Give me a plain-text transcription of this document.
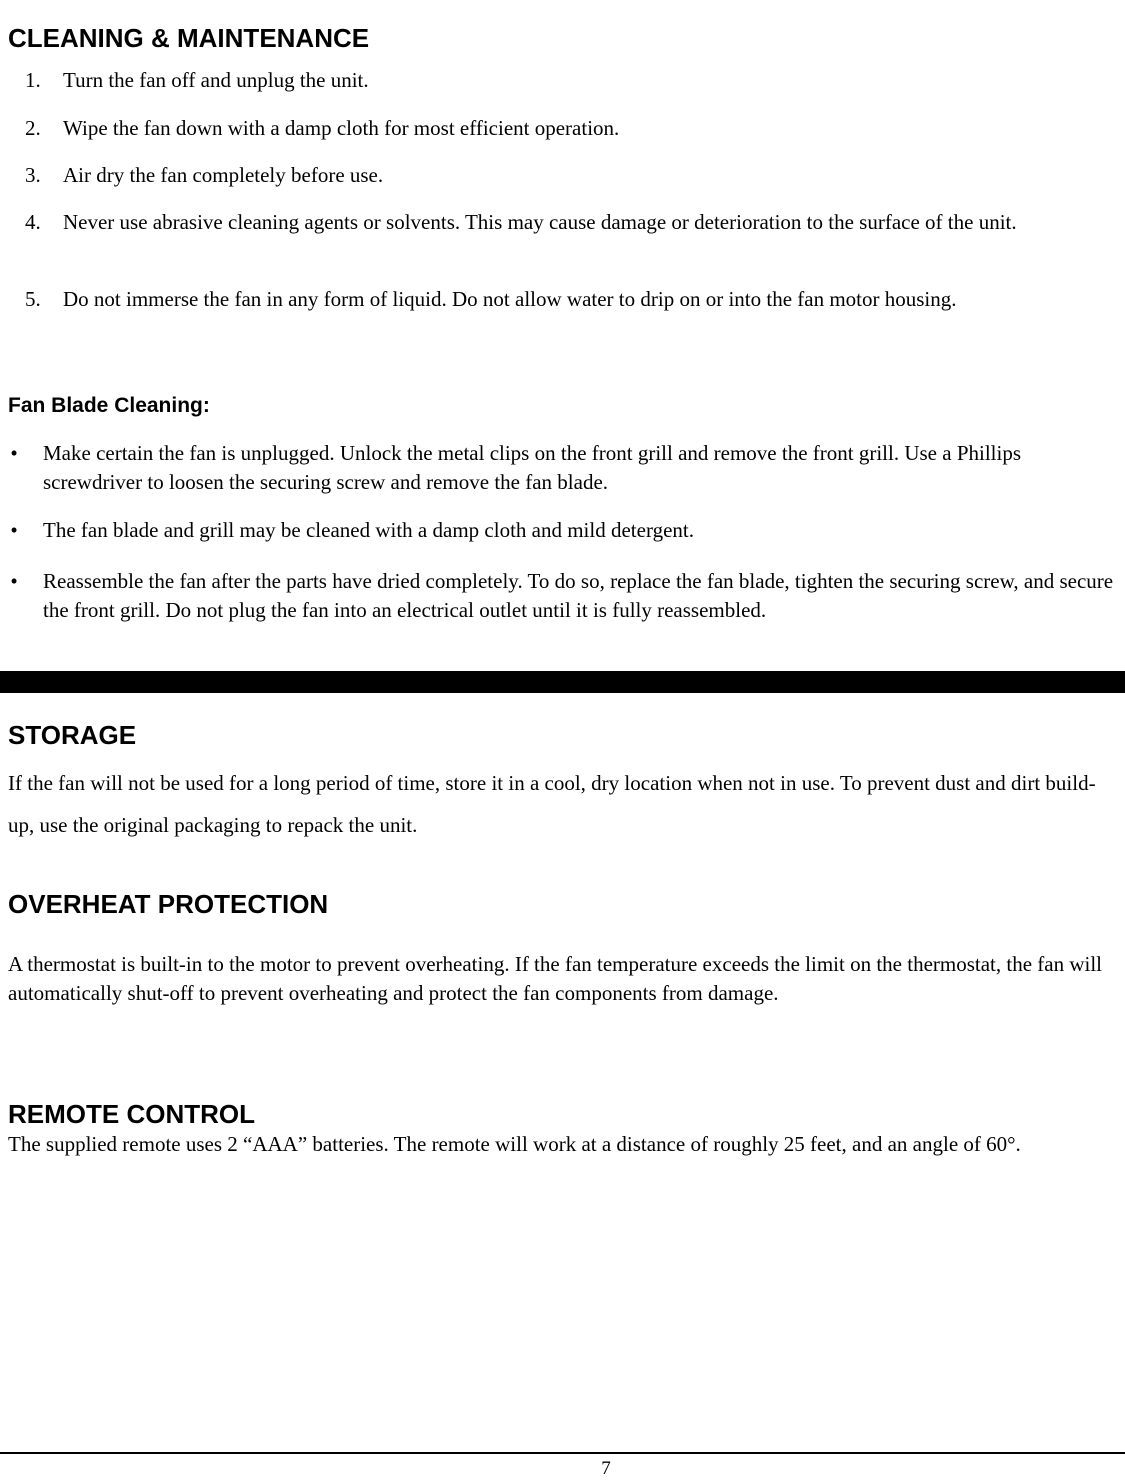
CLEANING & MAINTENANCE
1.	Turn the fan off and unplug the unit.
2.	Wipe the fan down with a damp cloth for most efficient operation.
3.	Air dry the fan completely before use.
4.	Never use abrasive cleaning agents or solvents. This may cause damage or deterioration to the surface of the unit.
5.	Do not immerse the fan in any form of liquid. Do not allow water to drip on or into the fan motor housing.
Fan Blade Cleaning:
• Make certain the fan is unplugged. Unlock the metal clips on the front grill and remove the front grill. Use a Phillips screwdriver to loosen the securing screw and remove the fan blade.
• The fan blade and grill may be cleaned with a damp cloth and mild detergent.
• Reassemble the fan after the parts have dried completely. To do so, replace the fan blade, tighten the securing screw, and secure the front grill. Do not plug the fan into an electrical outlet until it is fully reassembled.
STORAGE

If the fan will not be used for a long period of time, store it in a cool, dry location when not in use. To prevent dust and dirt build-up, use the original packaging to repack the unit.

OVERHEAT PROTECTION

A thermostat is built-in to the motor to prevent overheating. If the fan temperature exceeds the limit on the thermostat, the fan will automatically shut-off to prevent overheating and protect the fan components from damage.

REMOTE CONTROL

The supplied remote uses 2 “AAA” batteries. The remote will work at a distance of roughly 25 feet, and an angle of 60°.

7
